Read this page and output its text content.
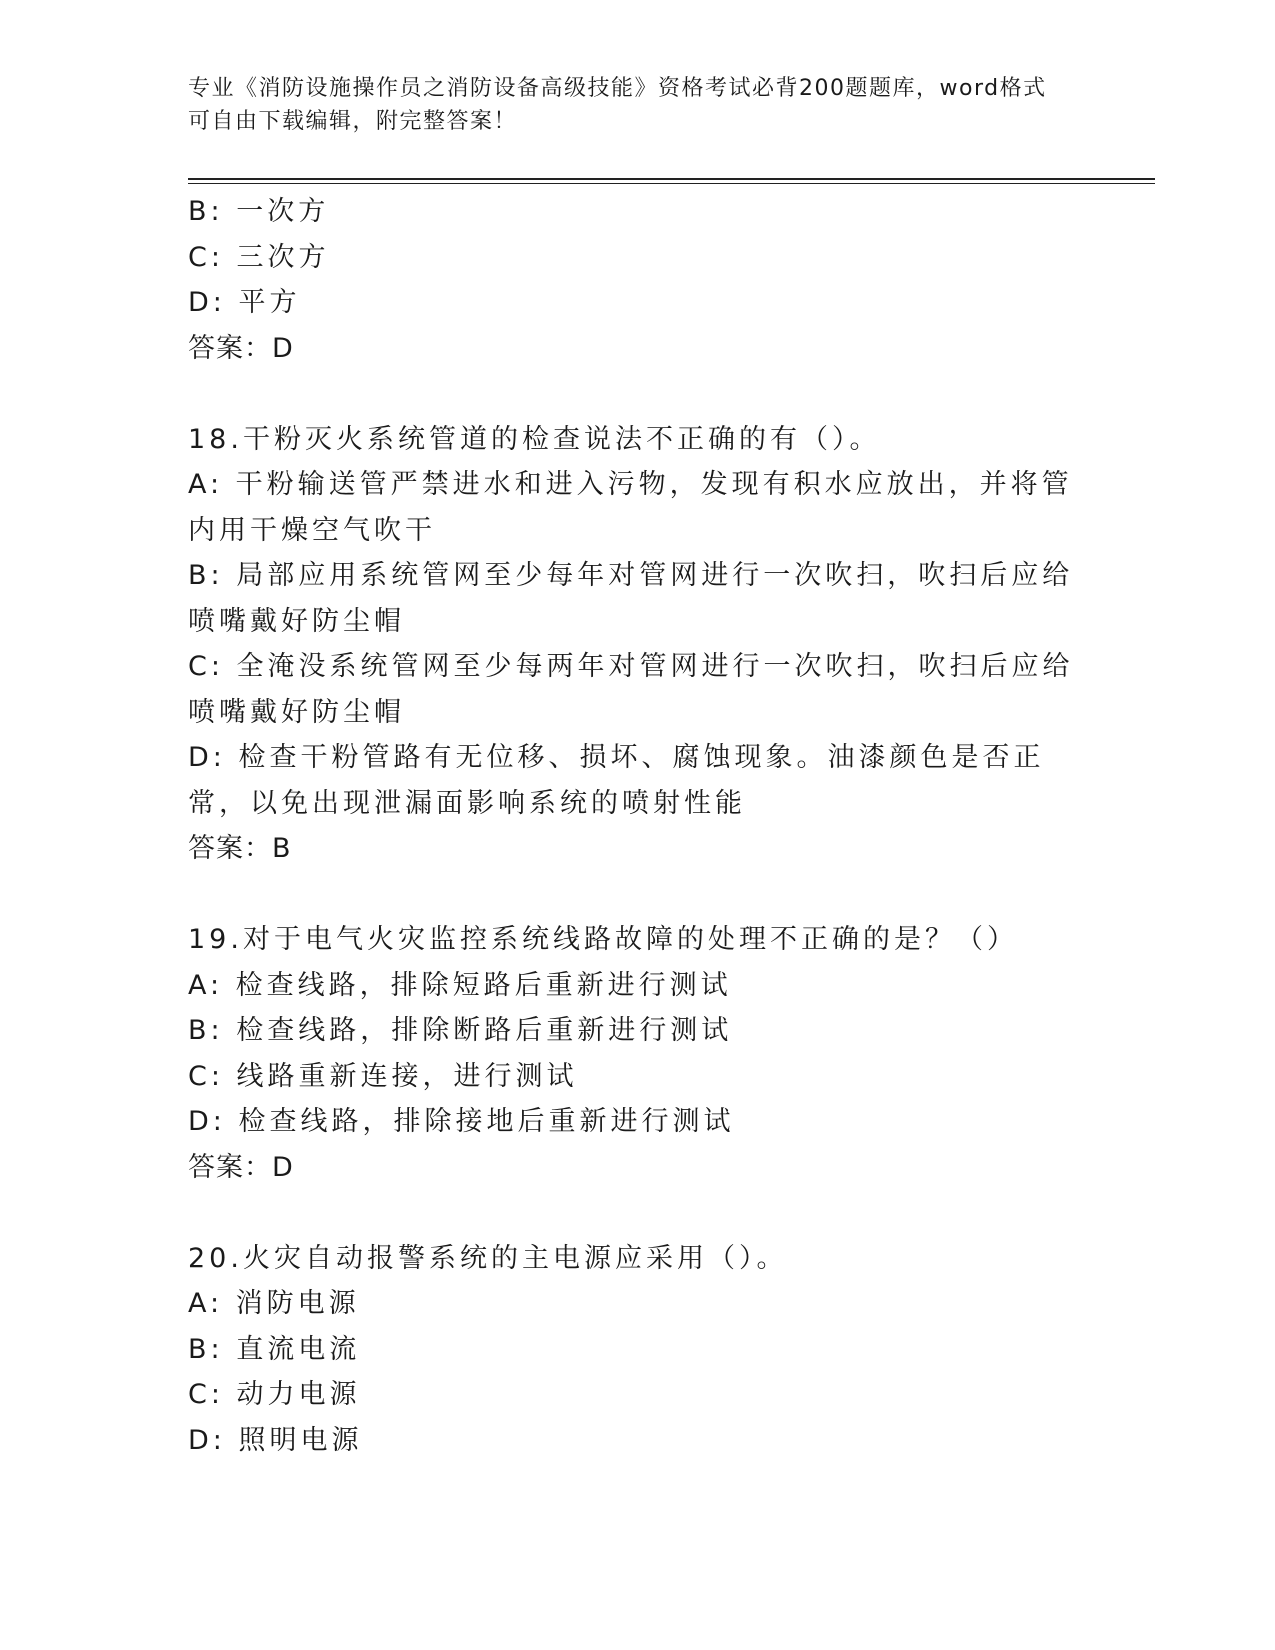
专业《消防设施操作员之消防设备高级技能》资格考试必背200题题库，word格式可自由下载编辑，附完整答案！
B: 一次方
C: 三次方
D: 平方
答案：D
18.干粉灭火系统管道的检查说法不正确的有（）。
A: 干粉输送管严禁进水和进入污物，发现有积水应放出，并将管内用干燥空气吹干
B: 局部应用系统管网至少每年对管网进行一次吹扫，吹扫后应给喷嘴戴好防尘帽
C: 全淹没系统管网至少每两年对管网进行一次吹扫，吹扫后应给喷嘴戴好防尘帽
D: 检查干粉管路有无位移、损坏、腐蚀现象。油漆颜色是否正常，以免出现泄漏面影响系统的喷射性能
答案：B
19.对于电气火灾监控系统线路故障的处理不正确的是？（）
A: 检查线路，排除短路后重新进行测试
B: 检查线路，排除断路后重新进行测试
C: 线路重新连接，进行测试
D: 检查线路，排除接地后重新进行测试
答案：D
20.火灾自动报警系统的主电源应采用（）。
A: 消防电源
B: 直流电流
C: 动力电源
D: 照明电源
